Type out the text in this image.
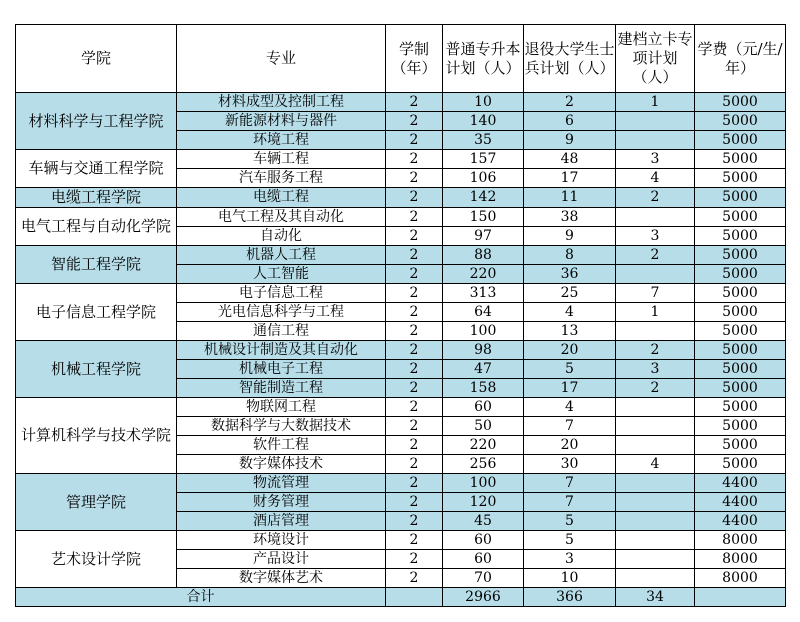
学院	专业	学制（年）	普通专升本计划（人）	退役大学生士兵计划（人）	建档立卡专项计划（人）	学费（元/生/年）
材料科学与工程学院	材料成型及控制工程	2	10	2	1	5000
	新能源材料与器件	2	140	6		5000
	环境工程	2	35	9		5000
车辆与交通工程学院	车辆工程	2	157	48	3	5000
	汽车服务工程	2	106	17	4	5000
电缆工程学院	电缆工程	2	142	11	2	5000
电气工程与自动化学院	电气工程及其自动化	2	150	38		5000
	自动化	2	97	9	3	5000
智能工程学院	机器人工程	2	88	8	2	5000
	人工智能	2	220	36		5000
电子信息工程学院	电子信息工程	2	313	25	7	5000
	光电信息科学与工程	2	64	4	1	5000
	通信工程	2	100	13		5000
机械工程学院	机械设计制造及其自动化	2	98	20	2	5000
	机械电子工程	2	47	5	3	5000
	智能制造工程	2	158	17	2	5000
计算机科学与技术学院	物联网工程	2	60	4		5000
	数据科学与大数据技术	2	50	7		5000
	软件工程	2	220	20		5000
	数字媒体技术	2	256	30	4	5000
管理学院	物流管理	2	100	7		4400
	财务管理	2	120	7		4400
	酒店管理	2	45	5		4400
艺术设计学院	环境设计	2	60	5		8000
	产品设计	2	60	3		8000
	数字媒体艺术	2	70	10		8000
合计			2966	366	34	
